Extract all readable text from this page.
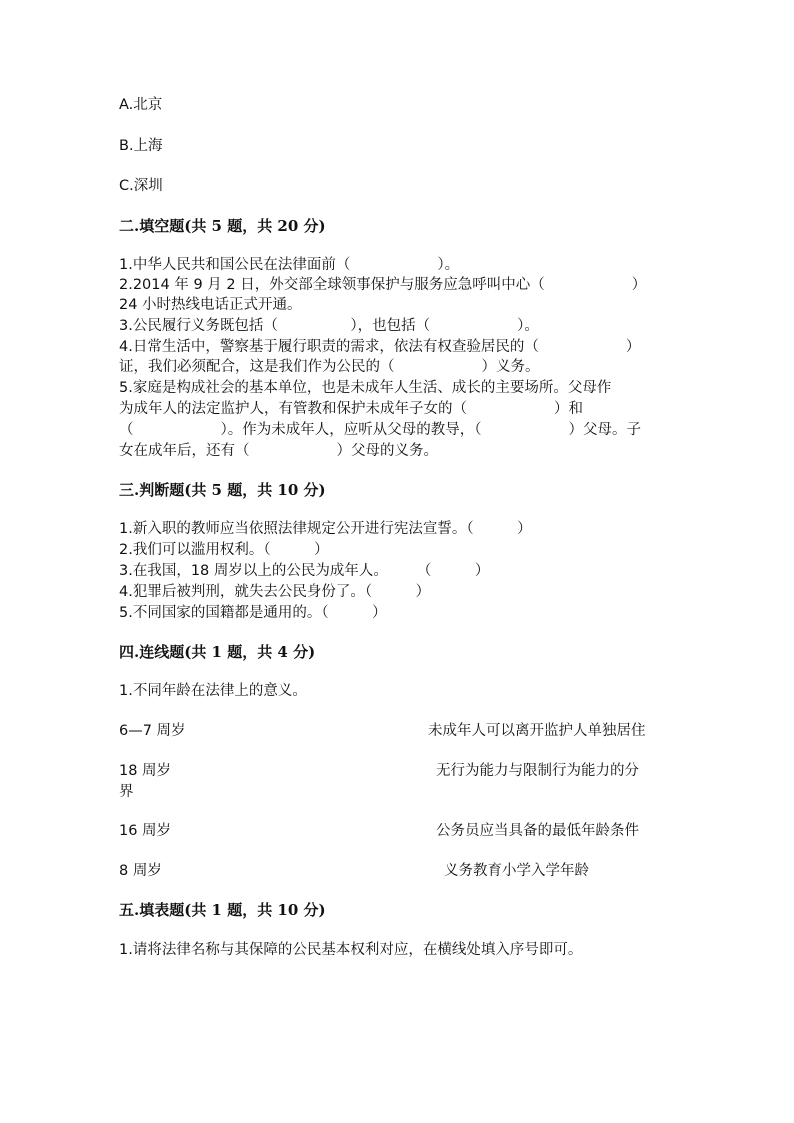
A.北京
B.上海
C.深圳
二.填空题(共 5 题，共 20 分)
1.中华人民共和国公民在法律面前（　　　　　　）。
2.2014 年 9 月 2 日，外交部全球领事保护与服务应急呼叫中心（　　　　　　）
24 小时热线电话正式开通。
3.公民履行义务既包括（　　　　　），也包括（　　　　　　）。
4.日常生活中，警察基于履行职责的需求，依法有权查验居民的（　　　　　　）
证，我们必须配合，这是我们作为公民的（　　　　　　）义务。
5.家庭是构成社会的基本单位，也是未成年人生活、成长的主要场所。父母作
为成年人的法定监护人，有管教和保护未成年子女的（　　　　　　）和
（　　　　　　）。作为未成年人，应听从父母的教导，（　　　　　　）父母。子
女在成年后，还有（　　　　　　）父母的义务。
三.判断题(共 5 题，共 10 分)
1.新入职的教师应当依照法律规定公开进行宪法宣誓。（　　　）
2.我们可以滥用权利。（　　　）
3.在我国，18 周岁以上的公民为成年人。　　　（　　　）
4.犯罪后被判刑，就失去公民身份了。（　　　）
5.不同国家的国籍都是通用的。（　　　）
四.连线题(共 1 题，共 4 分)
1.不同年龄在法律上的意义。
6—7 周岁	未成年人可以离开监护人单独居住
18 周岁	无行为能力与限制行为能力的分
界
16 周岁	公务员应当具备的最低年龄条件
8 周岁	义务教育小学入学年龄
五.填表题(共 1 题，共 10 分)
1.请将法律名称与其保障的公民基本权利对应，在横线处填入序号即可。
